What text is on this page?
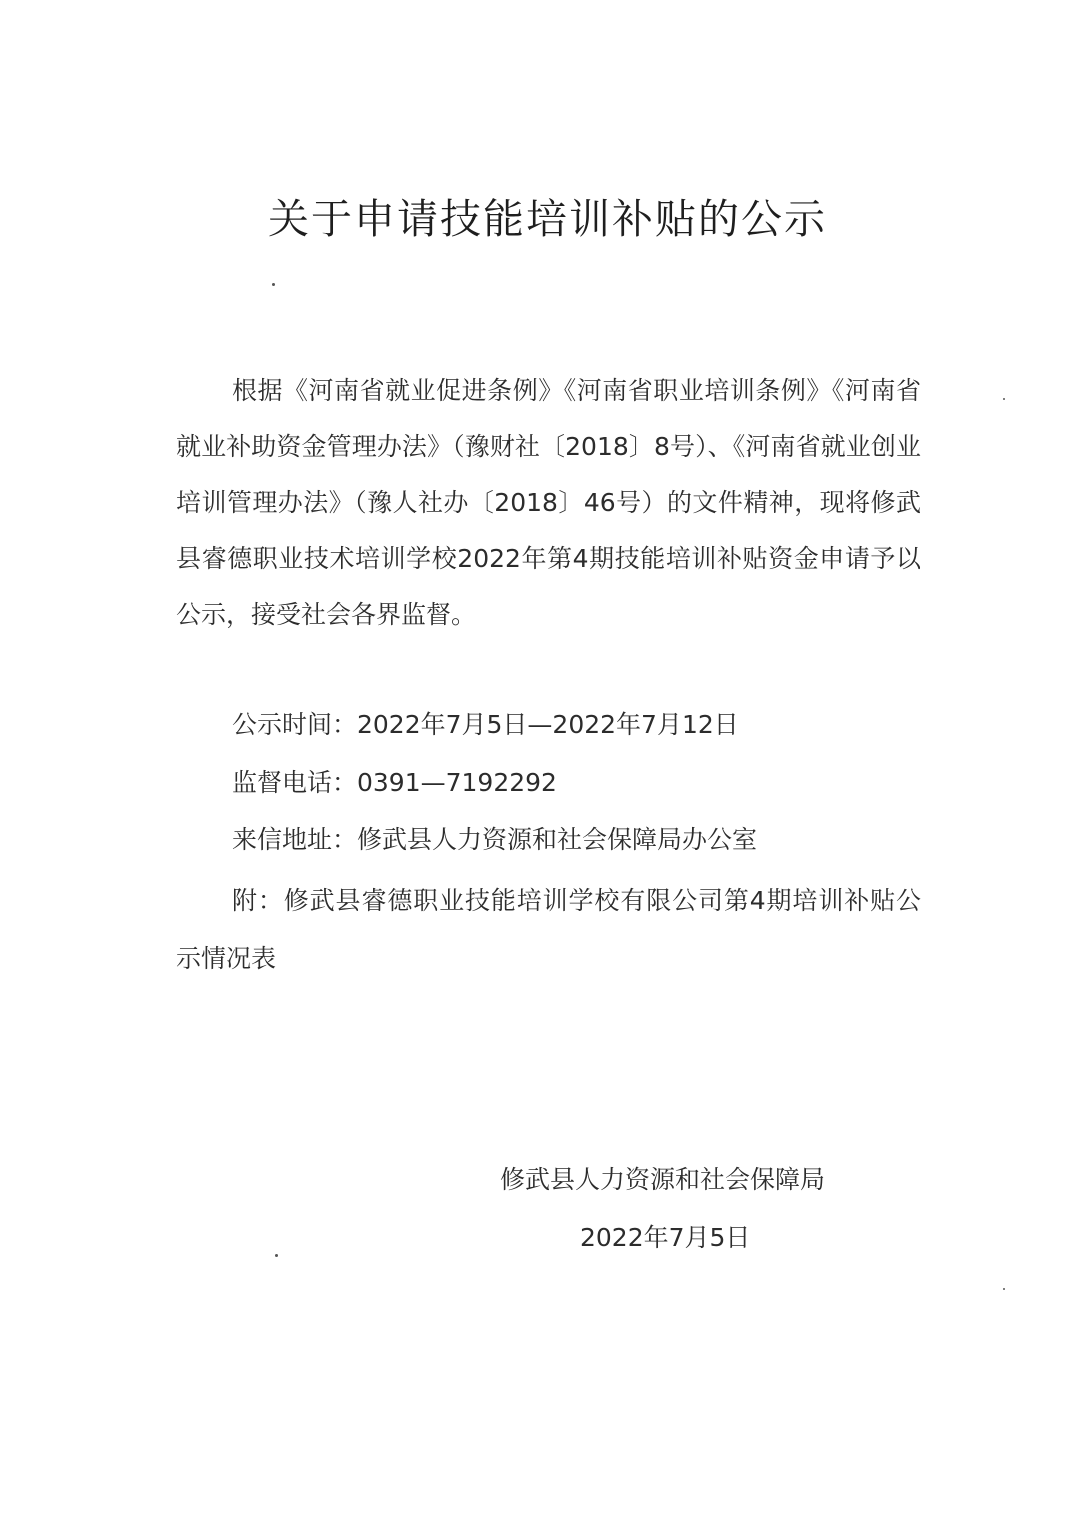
关于申请技能培训补贴的公示
根据《河南省就业促进条例》《河南省职业培训条例》《河南省就业补助资金管理办法》（豫财社〔2018〕8号）、《河南省就业创业培训管理办法》（豫人社办〔2018〕46号）的文件精神，现将修武县睿德职业技术培训学校2022年第4期技能培训补贴资金申请予以公示，接受社会各界监督。
公示时间：2022年7月5日—2022年7月12日
监督电话：0391—7192292
来信地址：修武县人力资源和社会保障局办公室
附：修武县睿德职业技能培训学校有限公司第4期培训补贴公示情况表
修武县人力资源和社会保障局
2022年7月5日
